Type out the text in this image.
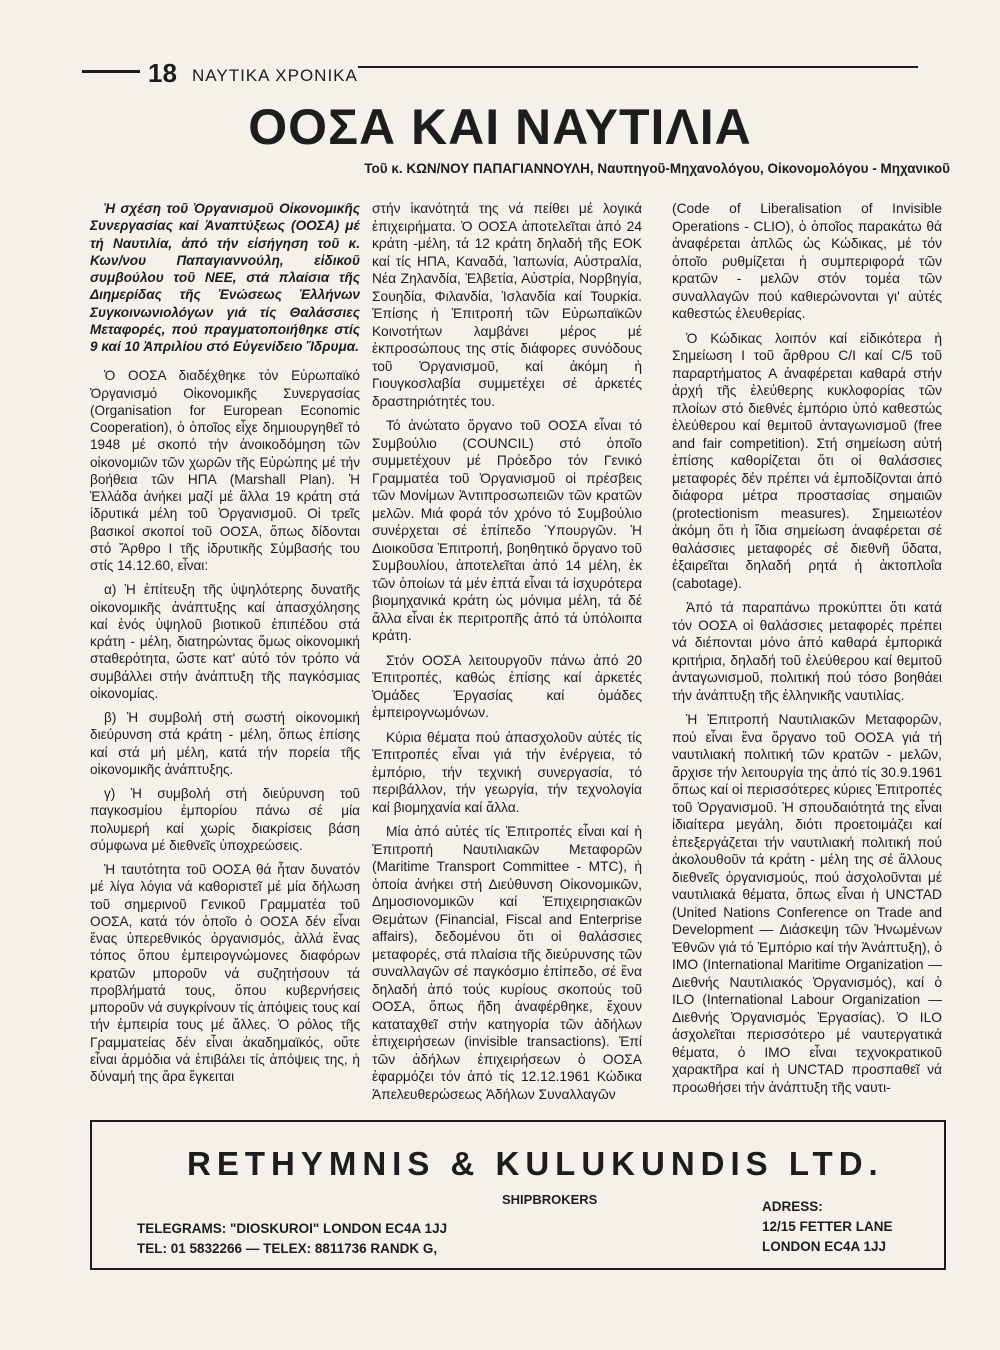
18 ΝΑΥΤΙΚΑ ΧΡΟΝΙΚΑ
ΟΟΣΑ ΚΑΙ ΝΑΥΤΙΛΙΑ
Τοῦ κ. ΚΩΝ/ΝΟΥ ΠΑΠΑΓΙΑΝΝΟΥΛΗ, Ναυπηγοῦ-Μηχανολόγου, Οἰκονομολόγου - Μηχανικοῦ

Ἡ σχέση τοῦ Ὀργανισμοῦ Οἰκονομικῆς Συνεργασίας καί Ἀναπτύξεως (ΟΟΣΑ) μέ τή Ναυτιλία, ἀπό τήν εἰσήγηση τοῦ κ. Κων/νου Παπαγιαννούλη, εἰδικοῦ συμβούλου τοῦ ΝΕΕ, στά πλαίσια τῆς Διημερίδας τῆς Ἑνώσεως Ἑλλήνων Συγκοινωνιολόγων γιά τίς Θαλάσσιες Μεταφορές, πού πραγματοποιήθηκε στίς 9 καί 10 Ἀπριλίου στό Εὐγενίδειο Ἵδρυμα.

Ὁ ΟΟΣΑ διαδέχθηκε τόν Εὐρωπαϊκό Ὀργανισμό Οἰκονομικῆς Συνεργασίας (Organisation for European Economic Cooperation), ὁ ὁποῖος εἶχε δημιουργηθεῖ τό 1948 μέ σκοπό τήν ἀνοικοδόμηση τῶν οἰκονομιῶν τῶν χωρῶν τῆς Εὐρώπης μέ τήν βοήθεια τῶν ΗΠΑ (Marshall Plan). Ἡ Ἑλλάδα ἀνήκει μαζί μέ ἄλλα 19 κράτη στά ἱδρυτικά μέλη τοῦ Ὀργανισμοῦ. Οἱ τρεῖς βασικοί σκοποί τοῦ ΟΟΣΑ, ὅπως δίδονται στό Ἄρθρο Ι τῆς ἱδρυτικῆς Σύμβασής του στίς 14.12.60, εἶναι:

α) Ἡ ἐπίτευξη τῆς ὑψηλότερης δυνατῆς οἰκονομικῆς ἀνάπτυξης καί ἀπασχόλησης καί ἑνός ὑψηλοῦ βιοτικοῦ ἐπιπέδου στά κράτη - μέλη, διατηρώντας ὅμως οἰκονομική σταθερότητα, ὥστε κατ' αὐτό τόν τρόπο νά συμβάλλει στήν ἀνάπτυξη τῆς παγκόσμιας οἰκονομίας.

β) Ἡ συμβολή στή σωστή οἰκονομική διεύρυνση στά κράτη - μέλη, ὅπως ἐπίσης καί στά μή μέλη, κατά τήν πορεία τῆς οἰκονομικῆς ἀνάπτυξης.

γ) Ἡ συμβολή στή διεύρυνση τοῦ παγκοσμίου ἐμπορίου πάνω σέ μία πολυμερή καί χωρίς διακρίσεις βάση σύμφωνα μέ διεθνεῖς ὑποχρεώσεις.

Ἡ ταυτότητα τοῦ ΟΟΣΑ θά ἦταν δυνατόν μέ λίγα λόγια νά καθοριστεῖ μέ μία δήλωση τοῦ σημερινοῦ Γενικοῦ Γραμματέα τοῦ ΟΟΣΑ, κατά τόν ὁποῖο ὁ ΟΟΣΑ δέν εἶναι ἕνας ὑπερεθνικός ὀργανισμός, ἀλλά ἕνας τόπος ὅπου ἐμπειρογνώμονες διαφόρων κρατῶν μποροῦν νά συζητήσουν τά προβλήματά τους, ὅπου κυβερνήσεις μποροῦν νά συγκρίνουν τίς ἀπόψεις τους καί τήν ἐμπειρία τους μέ ἄλλες. Ὁ ρόλος τῆς Γραμματείας δέν εἶναι ἀκαδημαϊκός, οὔτε εἶναι ἁρμόδια νά ἐπιβάλει τίς ἀπόψεις της, ἡ δύναμή της ἅρα ἔγκειται

στήν ἱκανότητά της νά πείθει μέ λογικά ἐπιχειρήματα. Ὁ ΟΟΣΑ ἀποτελεῖται ἀπό 24 κράτη -μέλη, τά 12 κράτη δηλαδή τῆς ΕΟΚ καί τίς ΗΠΑ, Καναδά, Ἰαπωνία, Αὐστραλία, Νέα Ζηλανδία, Ἑλβετία, Αὐστρία, Νορβηγία, Σουηδία, Φιλανδία, Ἰσλανδία καί Τουρκία. Ἐπίσης ἡ Ἐπιτροπή τῶν Εὐρωπαϊκῶν Κοινοτήτων λαμβάνει μέρος μέ ἐκπροσώπους της στίς διάφορες συνόδους τοῦ Ὀργανισμοῦ, καί ἀκόμη ἡ Γιουγκοσλαβία συμμετέχει σέ ἀρκετές δραστηριότητές του.

Τό ἀνώτατο ὄργανο τοῦ ΟΟΣΑ εἶναι τό Συμβούλιο (COUNCIL) στό ὁποῖο συμμετέχουν μέ Πρόεδρο τόν Γενικό Γραμματέα τοῦ Ὀργανισμοῦ οἱ πρέσβεις τῶν Μονίμων Ἀντιπροσωπειῶν τῶν κρατῶν μελῶν. Μιά φορά τόν χρόνο τό Συμβούλιο συνέρχεται σέ ἐπίπεδο Ὑπουργῶν. Ἡ Διοικοῦσα Ἐπιτροπή, βοηθητικό ὄργανο τοῦ Συμβουλίου, ἀποτελεῖται ἀπό 14 μέλη, ἐκ τῶν ὁποίων τά μέν ἑπτά εἶναι τά ἰσχυρότερα βιομηχανικά κράτη ὡς μόνιμα μέλη, τά δέ ἄλλα εἶναι ἐκ περιτροπῆς ἀπό τά ὑπόλοιπα κράτη.

Στόν ΟΟΣΑ λειτουργοῦν πάνω ἀπό 20 Ἐπιτροπές, καθώς ἐπίσης καί ἀρκετές Ὁμάδες Ἐργασίας καί ὁμάδες ἐμπειρογνωμόνων.

Κύρια θέματα πού ἀπασχολοῦν αὐτές τίς Ἐπιτροπές εἶναι γιά τήν ἐνέργεια, τό ἐμπόριο, τήν τεχνική συνεργασία, τό περιβάλλον, τήν γεωργία, τήν τεχνολογία καί βιομηχανία καί ἄλλα.

Μία ἀπό αὐτές τίς Ἐπιτροπές εἶναι καί ἡ Ἐπιτροπή Ναυτιλιακῶν Μεταφορῶν (Maritime Transport Committee - MTC), ἡ ὁποία ἀνήκει στή Διεύθυνση Οἰκονομικῶν, Δημοσιονομικῶν καί Ἐπιχειρησιακῶν Θεμάτων (Financial, Fiscal and Enterprise affairs), δεδομένου ὅτι οἱ θαλάσσιες μεταφορές, στά πλαίσια τῆς διεύρυνσης τῶν συναλλαγῶν σέ παγκόσμιο ἐπίπεδο, σέ ἕνα δηλαδή ἀπό τούς κυρίους σκοπούς τοῦ ΟΟΣΑ, ὅπως ἤδη ἀναφέρθηκε, ἔχουν καταταχθεῖ στήν κατηγορία τῶν ἀδήλων ἐπιχειρήσεων (invisible transactions). Ἐπί τῶν ἀδήλων ἐπιχειρήσεων ὁ ΟΟΣΑ ἐφαρμόζει τόν ἀπό τίς 12.12.1961 Κώδικα Ἀπελευθερώσεως Ἀδήλων Συναλλαγῶν

(Code of Liberalisation of Invisible Operations - CLIO), ὁ ὁποῖος παρακάτω θά ἀναφέρεται ἁπλῶς ὡς Κώδικας, μέ τόν ὁποῖο ρυθμίζεται ἡ συμπεριφορά τῶν κρατῶν - μελῶν στόν τομέα τῶν συναλλαγῶν πού καθιερώνονται γι' αὐτές καθεστώς ἐλευθερίας.

Ὁ Κώδικας λοιπόν καί εἰδικότερα ἡ Σημείωση Ι τοῦ ἄρθρου C/I καί C/5 τοῦ παραρτήματος Α ἀναφέρεται καθαρά στήν ἀρχή τῆς ἐλεύθερης κυκλοφορίας τῶν πλοίων στό διεθνές ἐμπόριο ὑπό καθεστώς ἐλεύθερου καί θεμιτοῦ ἀνταγωνισμοῦ (free and fair competition). Στή σημείωση αὐτή ἐπίσης καθορίζεται ὅτι οἱ θαλάσσιες μεταφορές δέν πρέπει νά ἐμποδίζονται ἀπό διάφορα μέτρα προστασίας σημαιῶν (protectionism measures). Σημειωτέον ἀκόμη ὅτι ἡ ἴδια σημείωση ἀναφέρεται σέ θαλάσσιες μεταφορές σέ διεθνῆ ὕδατα, ἐξαιρεῖται δηλαδή ρητά ἡ ἀκτοπλοΐα (cabotage).

Ἀπό τά παραπάνω προκύπτει ὅτι κατά τόν ΟΟΣΑ οἱ θαλάσσιες μεταφορές πρέπει νά διέπονται μόνο ἀπό καθαρά ἐμπορικά κριτήρια, δηλαδή τοῦ ἐλεύθερου καί θεμιτοῦ ἀνταγωνισμοῦ, πολιτική πού τόσο βοηθάει τήν ἀνάπτυξη τῆς ἑλληνικῆς ναυτιλίας.

Ἡ Ἐπιτροπή Ναυτιλιακῶν Μεταφορῶν, πού εἶναι ἕνα ὄργανο τοῦ ΟΟΣΑ γιά τή ναυτιλιακή πολιτική τῶν κρατῶν - μελῶν, ἄρχισε τήν λειτουργία της ἀπό τίς 30.9.1961 ὅπως καί οἱ περισσότερες κύριες Ἐπιτροπές τοῦ Ὀργανισμοῦ. Ἡ σπουδαιότητά της εἶναι ἰδιαίτερα μεγάλη, διότι προετοιμάζει καί ἐπεξεργάζεται τήν ναυτιλιακή πολιτική πού ἀκολουθοῦν τά κράτη - μέλη της σέ ἄλλους διεθνεῖς ὀργανισμούς, πού ἀσχολοῦνται μέ ναυτιλιακά θέματα, ὅπως εἶναι ἡ UNCTAD (United Nations Conference on Trade and Development — Διάσκεψη τῶν Ἡνωμένων Ἐθνῶν γιά τό Ἐμπόριο καί τήν Ἀνάπτυξη), ὁ IMO (International Maritime Organization — Διεθνής Ναυτιλιακός Ὀργανισμός), καί ὁ ILO (International Labour Organization — Διεθνής Ὀργανισμός Ἐργασίας). Ὁ ILO ἀσχολεῖται περισσότερο μέ ναυτεργατικά θέματα, ὁ IMO εἶναι τεχνοκρατικοῦ χαρακτῆρα καί ἡ UNCTAD προσπαθεῖ νά προωθήσει τήν ἀνάπτυξη τῆς ναυτι-

RETHYMNIS & KULUKUNDIS LTD.
SHIPBROKERS
TELEGRAMS: "DIOSKUROI" LONDON EC4A 1JJ
TEL: 01 5832266 — TELEX: 8811736 RANDK G,
ADRESS:
12/15 FETTER LANE
LONDON EC4A 1JJ
